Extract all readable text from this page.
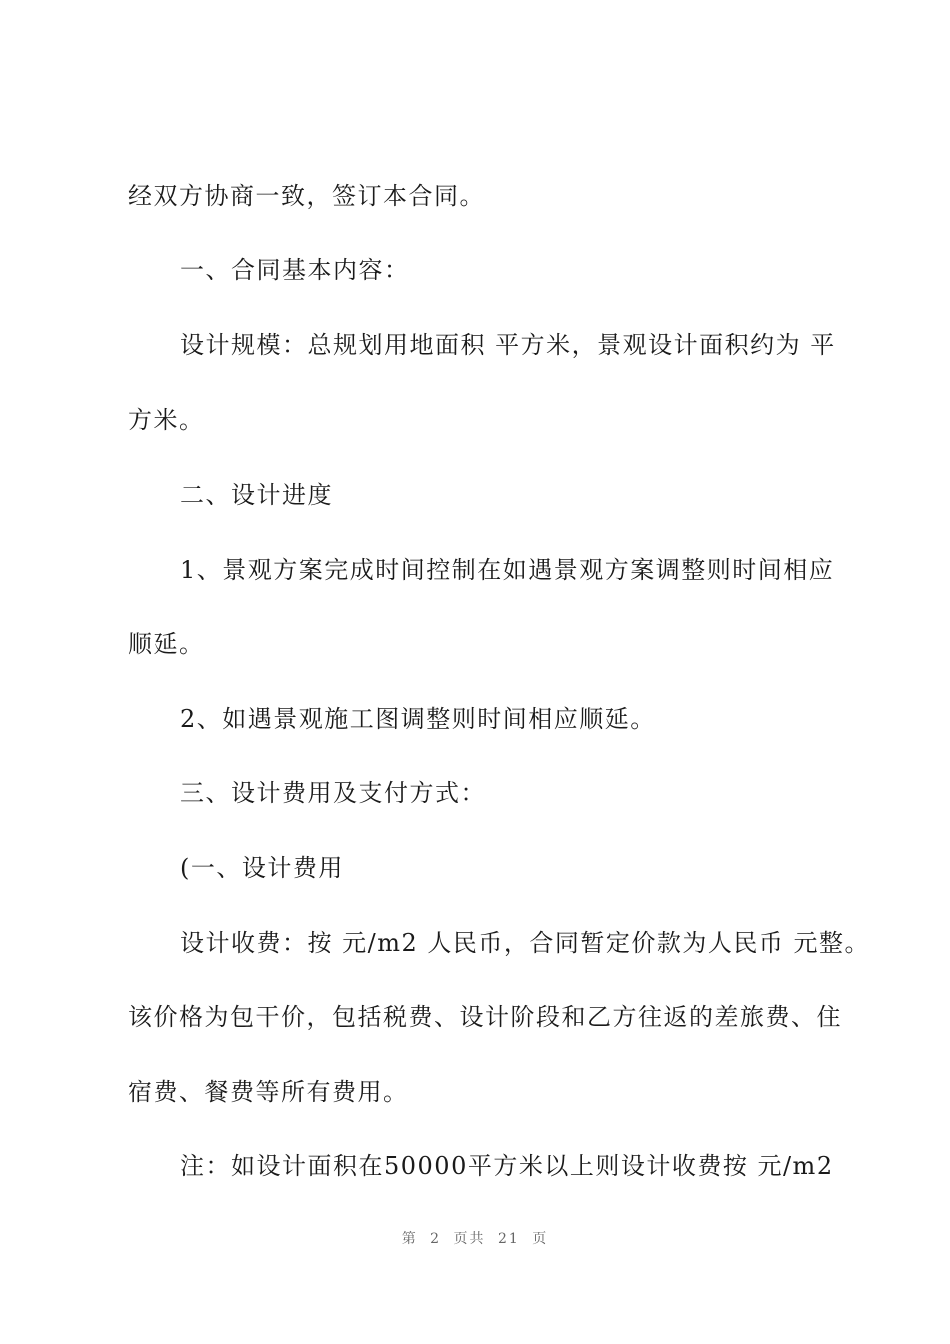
经双方协商一致，签订本合同。
一、合同基本内容：
设计规模：总规划用地面积 平方米，景观设计面积约为 平
方米。
二、设计进度
1、景观方案完成时间控制在如遇景观方案调整则时间相应
顺延。
2、如遇景观施工图调整则时间相应顺延。
三、设计费用及支付方式：
(一、设计费用
设计收费：按 元/m2 人民币，合同暂定价款为人民币 元整。
该价格为包干价，包括税费、设计阶段和乙方往返的差旅费、住
宿费、餐费等所有费用。
注：如设计面积在50000平方米以上则设计收费按 元/m2
第 2 页共 21 页
